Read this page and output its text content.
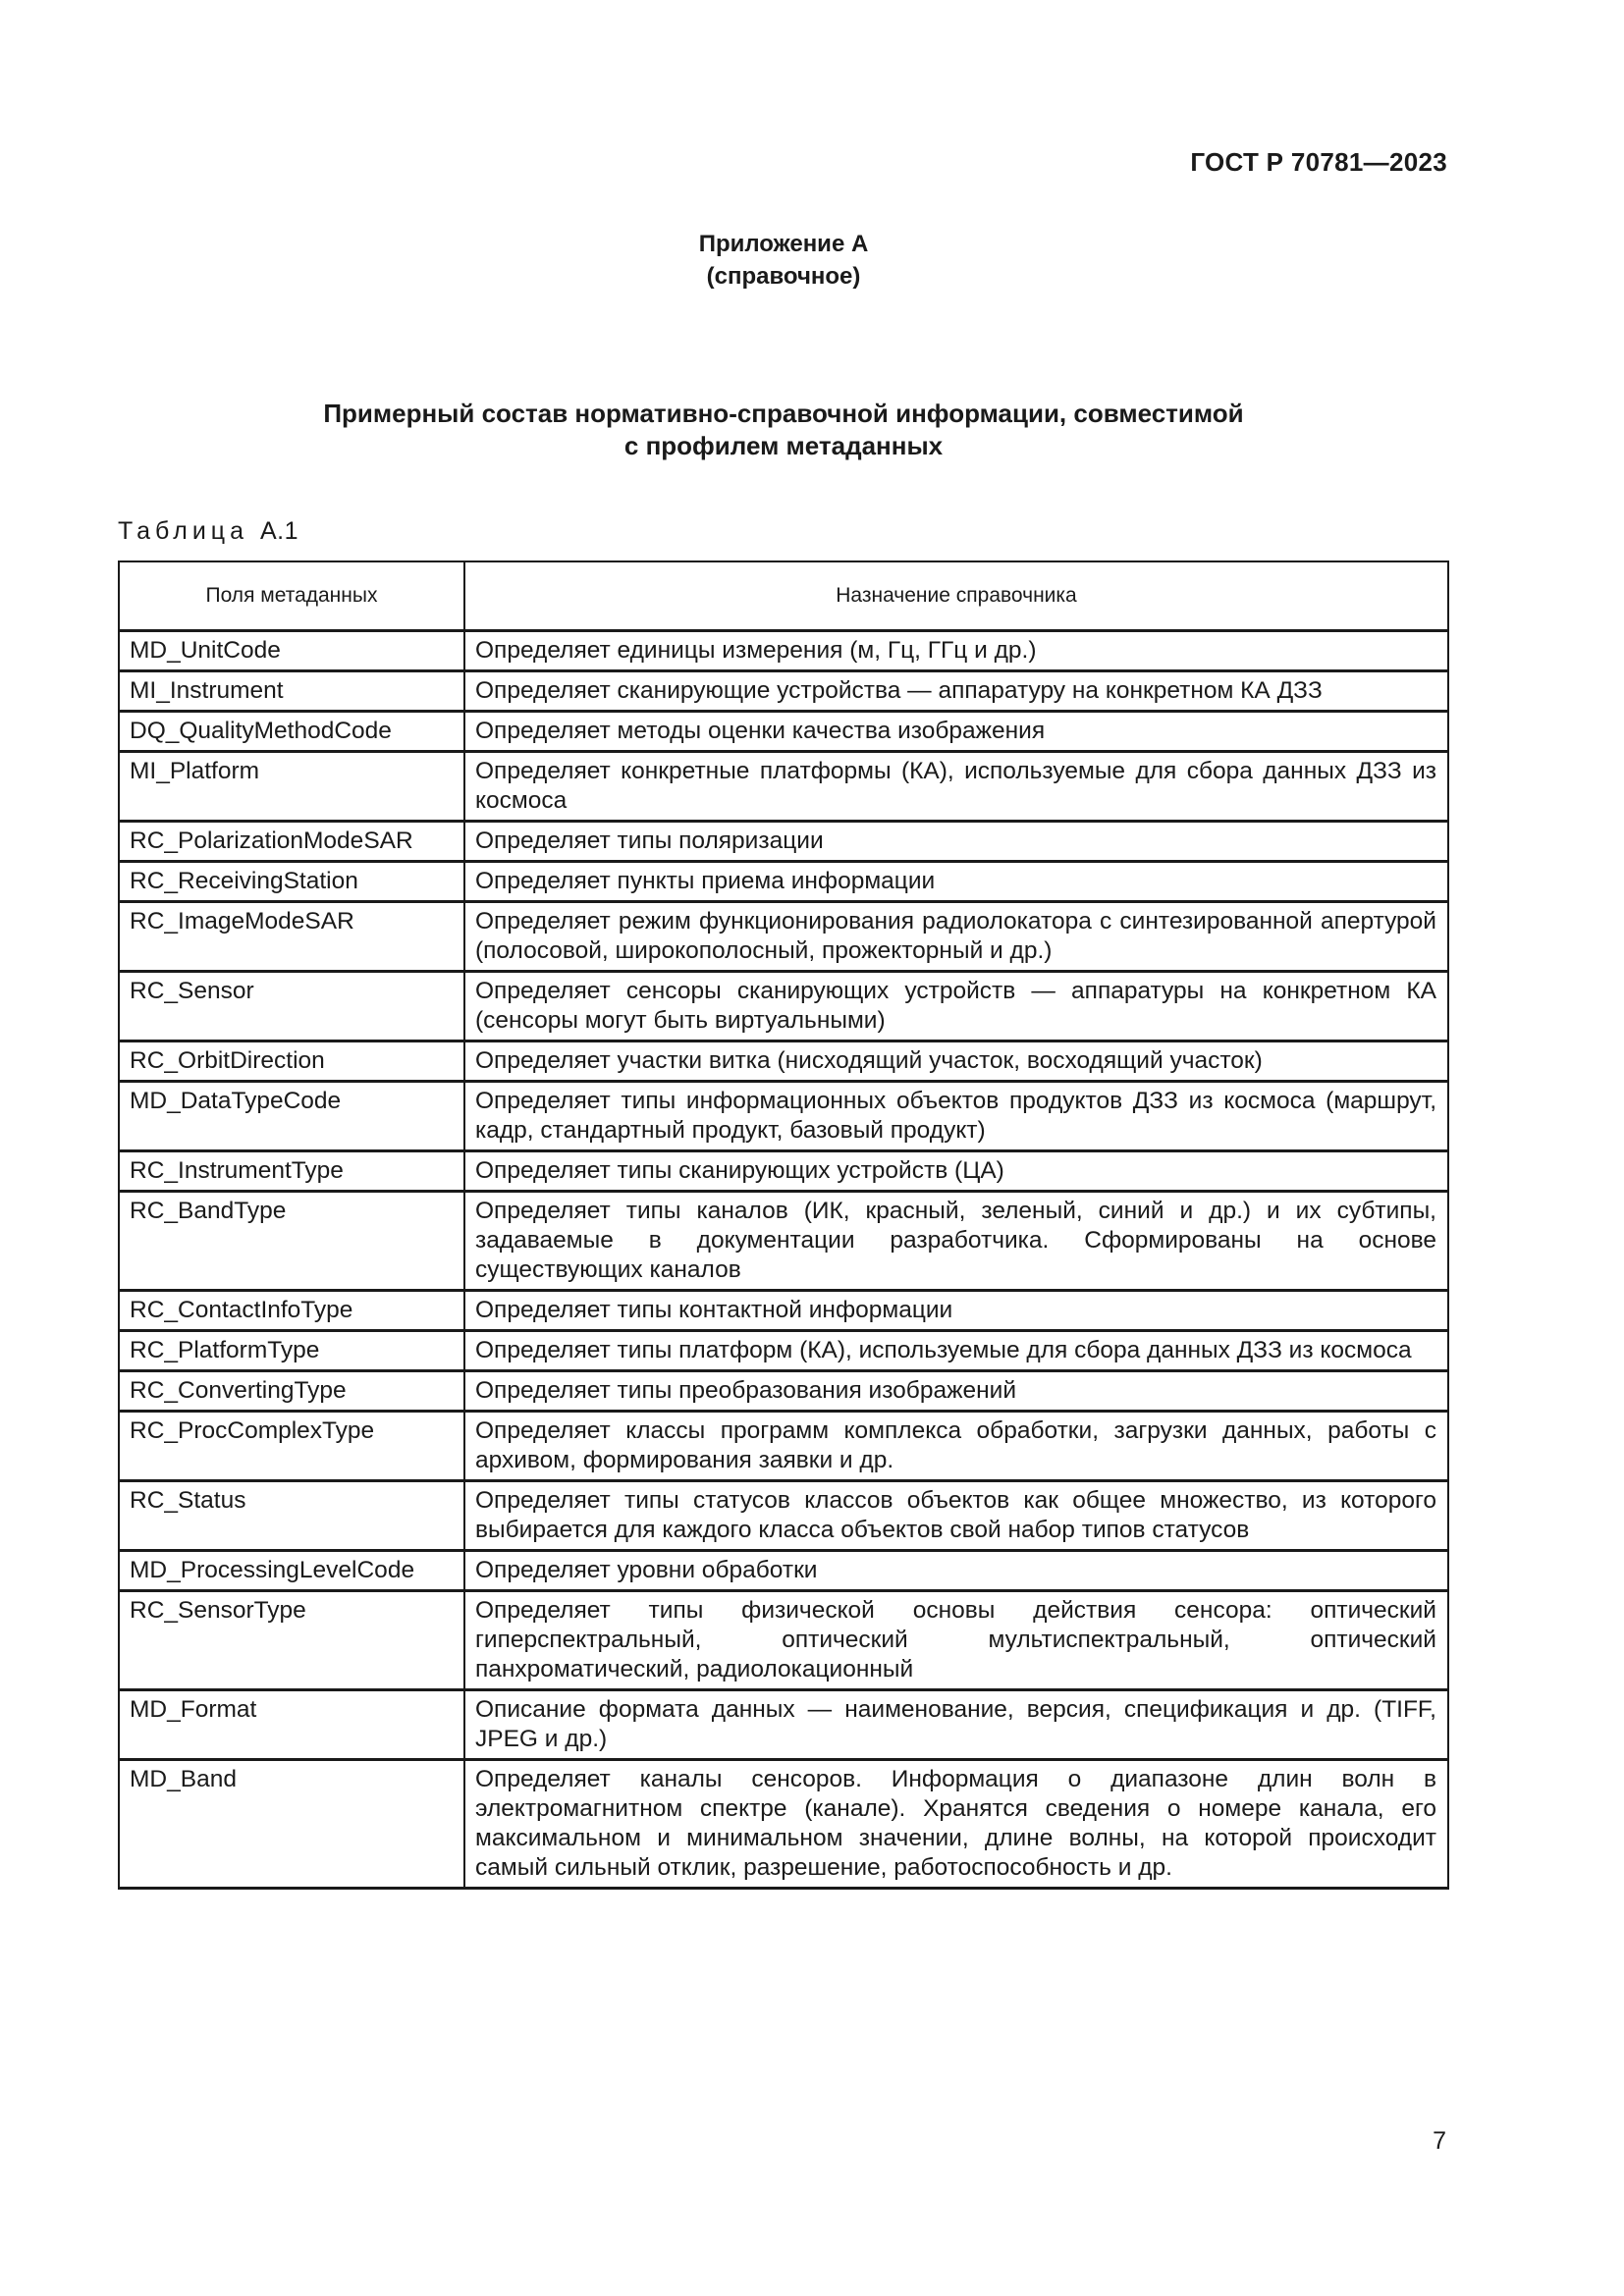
ГОСТ Р 70781—2023
Приложение А
(справочное)
Примерный состав нормативно-справочной информации, совместимой
с профилем метаданных
Таблица А.1
Поля метаданных	Назначение справочника
MD_UnitCode	Определяет единицы измерения (м, Гц, ГГц и др.)
MI_Instrument	Определяет сканирующие устройства — аппаратуру на конкретном КА ДЗЗ
DQ_QualityMethodCode	Определяет методы оценки качества изображения
MI_Platform	Определяет конкретные платформы (КА), используемые для сбора данных ДЗЗ из космоса
RC_PolarizationModeSAR	Определяет типы поляризации
RC_ReceivingStation	Определяет пункты приема информации
RC_ImageModeSAR	Определяет режим функционирования радиолокатора с синтезированной апертурой (полосовой, широкополосный, прожекторный и др.)
RC_Sensor	Определяет сенсоры сканирующих устройств — аппаратуры на конкретном КА (сенсоры могут быть виртуальными)
RC_OrbitDirection	Определяет участки витка (нисходящий участок, восходящий участок)
MD_DataTypeCode	Определяет типы информационных объектов продуктов ДЗЗ из космоса (маршрут, кадр, стандартный продукт, базовый продукт)
RC_InstrumentType	Определяет типы сканирующих устройств (ЦА)
RC_BandType	Определяет типы каналов (ИК, красный, зеленый, синий и др.) и их субтипы, задаваемые в документации разработчика. Сформированы на основе существующих каналов
RC_ContactInfoType	Определяет типы контактной информации
RC_PlatformType	Определяет типы платформ (КА), используемые для сбора данных ДЗЗ из космоса
RC_ConvertingType	Определяет типы преобразования изображений
RC_ProcComplexType	Определяет классы программ комплекса обработки, загрузки данных, работы с архивом, формирования заявки и др.
RC_Status	Определяет типы статусов классов объектов как общее множество, из которого выбирается для каждого класса объектов свой набор типов статусов
MD_ProcessingLevelCode	Определяет уровни обработки
RC_SensorType	Определяет типы физической основы действия сенсора: оптический гиперспектральный, оптический мультиспектральный, оптический панхроматический, радиолокационный
MD_Format	Описание формата данных — наименование, версия, спецификация и др. (TIFF, JPEG и др.)
MD_Band	Определяет каналы сенсоров. Информация о диапазоне длин волн в электромагнитном спектре (канале). Хранятся сведения о номере канала, его максимальном и минимальном значении, длине волны, на которой происходит самый сильный отклик, разрешение, работоспособность и др.
7
